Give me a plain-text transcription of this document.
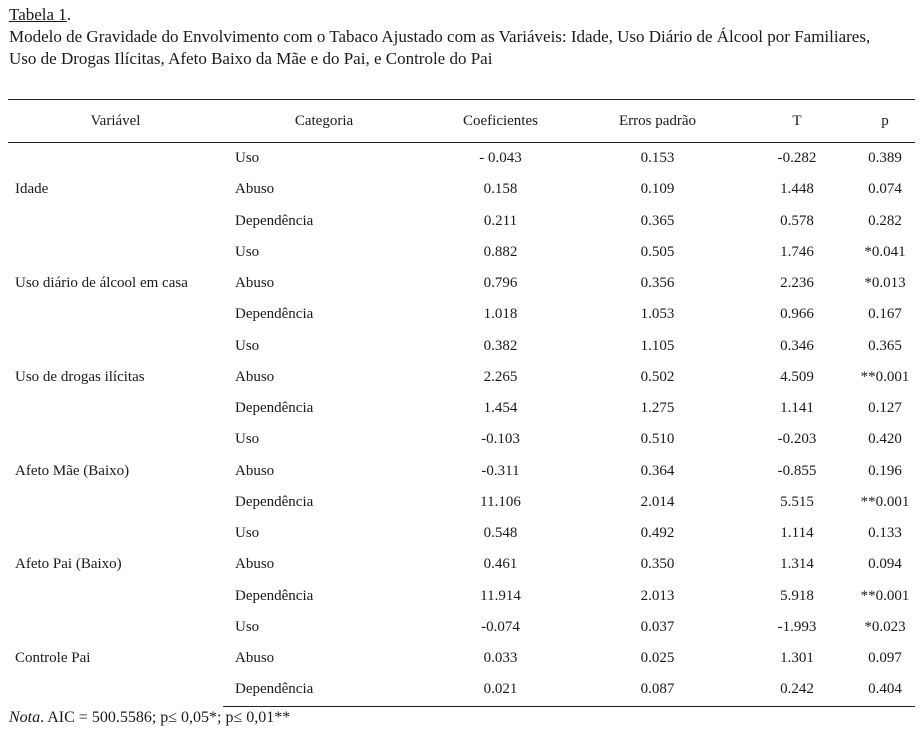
Tabela 1.
Modelo de Gravidade do Envolvimento com o Tabaco Ajustado com as Variáveis: Idade, Uso Diário de Álcool por Familiares,
Uso de Drogas Ilícitas, Afeto Baixo da Mãe e do Pai, e Controle do Pai
Variável	Categoria	Coeficientes	Erros padrão	T	p
Idade	Uso	- 0.043	0.153	-0.282	0.389
	Abuso	0.158	0.109	1.448	0.074
	Dependência	0.211	0.365	0.578	0.282
Uso diário de álcool em casa	Uso	0.882	0.505	1.746	*0.041
	Abuso	0.796	0.356	2.236	*0.013
	Dependência	1.018	1.053	0.966	0.167
Uso de drogas ilícitas	Uso	0.382	1.105	0.346	0.365
	Abuso	2.265	0.502	4.509	**0.001
	Dependência	1.454	1.275	1.141	0.127
Afeto Mãe (Baixo)	Uso	-0.103	0.510	-0.203	0.420
	Abuso	-0.311	0.364	-0.855	0.196
	Dependência	11.106	2.014	5.515	**0.001
Afeto Pai (Baixo)	Uso	0.548	0.492	1.114	0.133
	Abuso	0.461	0.350	1.314	0.094
	Dependência	11.914	2.013	5.918	**0.001
Controle Pai	Uso	-0.074	0.037	-1.993	*0.023
	Abuso	0.033	0.025	1.301	0.097
	Dependência	0.021	0.087	0.242	0.404
Nota. AIC = 500.5586; p≤ 0,05*; p≤ 0,01**
